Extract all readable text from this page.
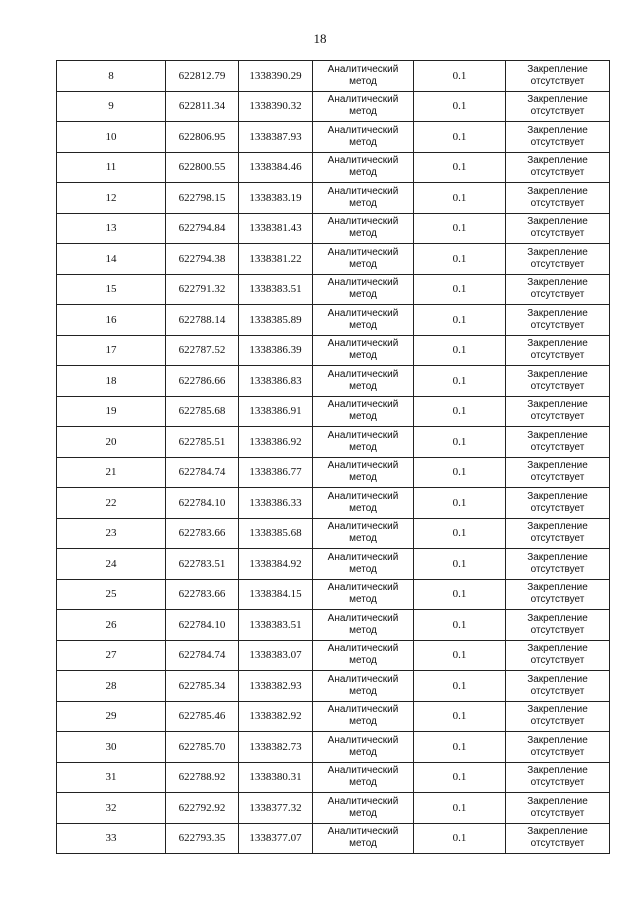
18
8	622812.79	1338390.29	Аналитический
метод	0.1	Закрепление
отсутствует

9	622811.34	1338390.32	Аналитический
метод	0.1	Закрепление
отсутствует

10	622806.95	1338387.93	Аналитический
метод	0.1	Закрепление
отсутствует

11	622800.55	1338384.46	Аналитический
метод	0.1	Закрепление
отсутствует

12	622798.15	1338383.19	Аналитический
метод	0.1	Закрепление
отсутствует

13	622794.84	1338381.43	Аналитический
метод	0.1	Закрепление
отсутствует

14	622794.38	1338381.22	Аналитический
метод	0.1	Закрепление
отсутствует

15	622791.32	1338383.51	Аналитический
метод	0.1	Закрепление
отсутствует

16	622788.14	1338385.89	Аналитический
метод	0.1	Закрепление
отсутствует

17	622787.52	1338386.39	Аналитический
метод	0.1	Закрепление
отсутствует

18	622786.66	1338386.83	Аналитический
метод	0.1	Закрепление
отсутствует

19	622785.68	1338386.91	Аналитический
метод	0.1	Закрепление
отсутствует

20	622785.51	1338386.92	Аналитический
метод	0.1	Закрепление
отсутствует

21	622784.74	1338386.77	Аналитический
метод	0.1	Закрепление
отсутствует

22	622784.10	1338386.33	Аналитический
метод	0.1	Закрепление
отсутствует

23	622783.66	1338385.68	Аналитический
метод	0.1	Закрепление
отсутствует

24	622783.51	1338384.92	Аналитический
метод	0.1	Закрепление
отсутствует

25	622783.66	1338384.15	Аналитический
метод	0.1	Закрепление
отсутствует

26	622784.10	1338383.51	Аналитический
метод	0.1	Закрепление
отсутствует

27	622784.74	1338383.07	Аналитический
метод	0.1	Закрепление
отсутствует

28	622785.34	1338382.93	Аналитический
метод	0.1	Закрепление
отсутствует

29	622785.46	1338382.92	Аналитический
метод	0.1	Закрепление
отсутствует

30	622785.70	1338382.73	Аналитический
метод	0.1	Закрепление
отсутствует

31	622788.92	1338380.31	Аналитический
метод	0.1	Закрепление
отсутствует

32	622792.92	1338377.32	Аналитический
метод	0.1	Закрепление
отсутствует

33	622793.35	1338377.07	Аналитический
метод	0.1	Закрепление
отсутствует
